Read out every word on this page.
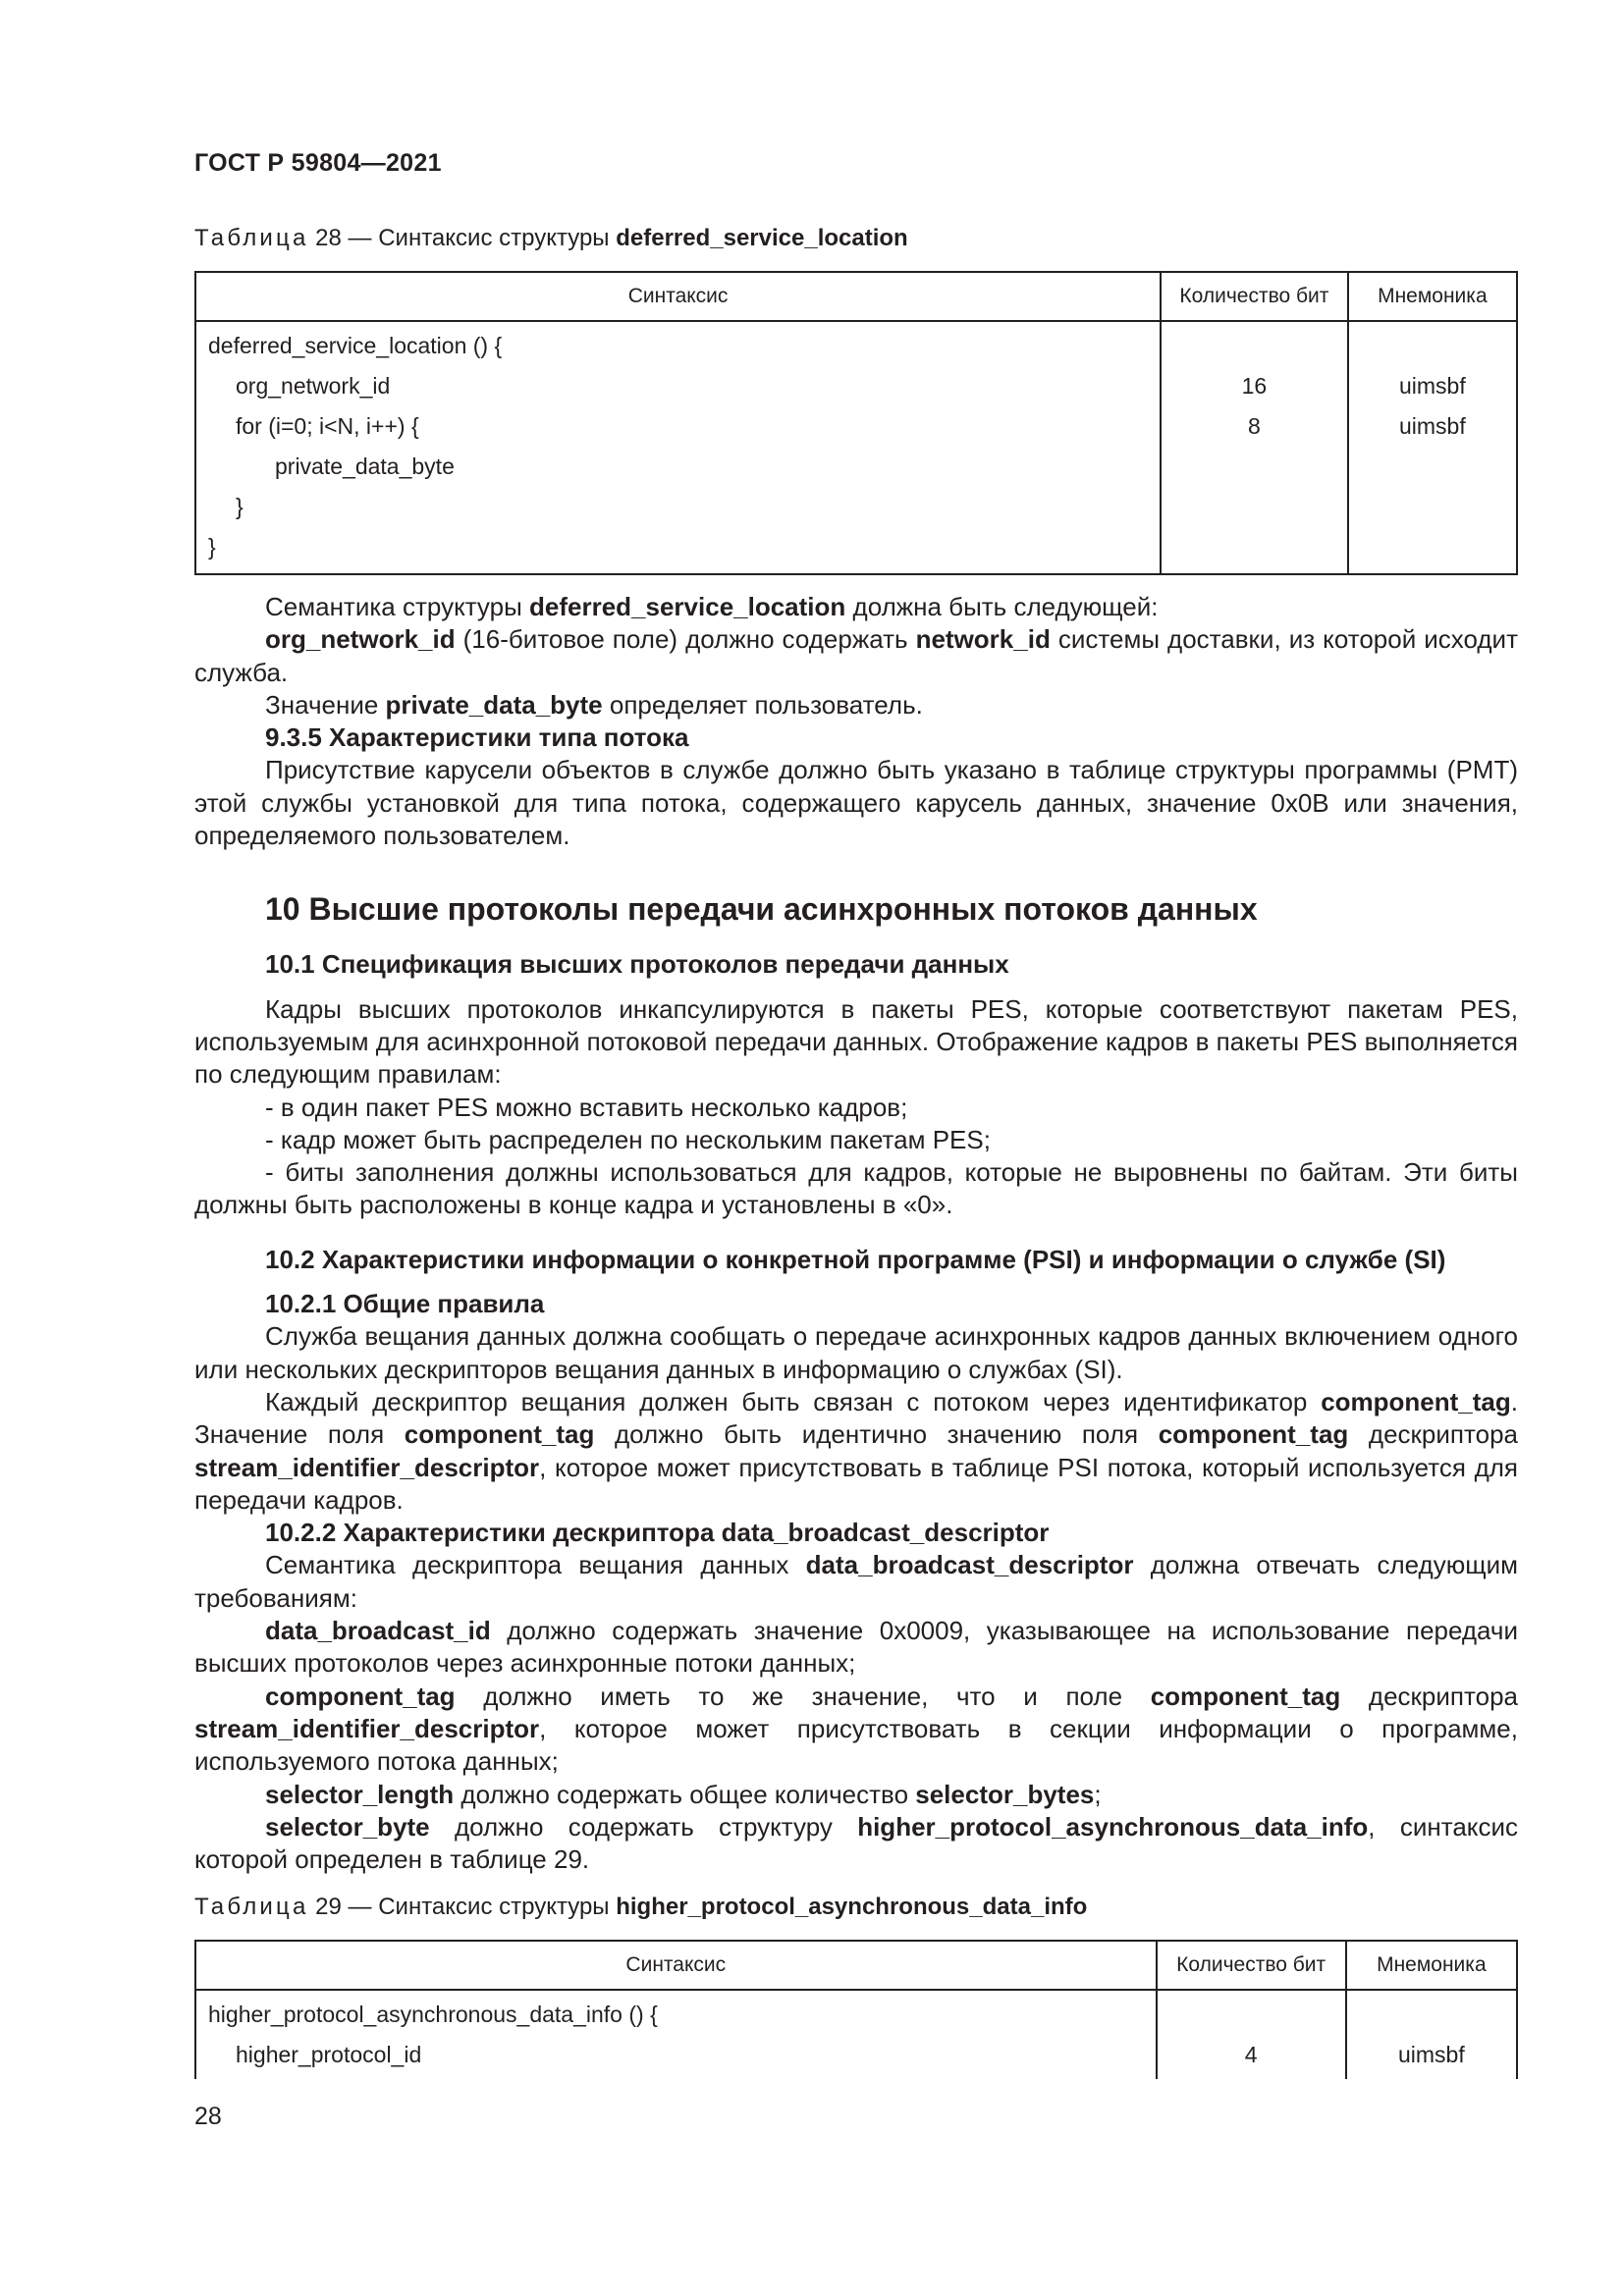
ГОСТ Р 59804—2021
Таблица 28 — Синтаксис структуры deferred_service_location
Синтаксис	Количество бит	Мнемоника
deferred_service_location () {		
org_network_id	16	uimsbf
for (i=0; i<N, i++) {	8	uimsbf
private_data_byte		
}		
}		

Семантика структуры deferred_service_location должна быть следующей:

org_network_id (16-битовое поле) должно содержать network_id системы доставки, из которой исходит служба.

Значение private_data_byte определяет пользователь.

9.3.5 Характеристики типа потока

Присутствие карусели объектов в службе должно быть указано в таблице структуры программы (PMT) этой службы установкой для типа потока, содержащего карусель данных, значение 0x0B или значения, определяемого пользователем.

10 Высшие протоколы передачи асинхронных потоков данных
10.1 Спецификация высших протоколов передачи данных

Кадры высших протоколов инкапсулируются в пакеты PES, которые соответствуют пакетам PES, используемым для асинхронной потоковой передачи данных. Отображение кадров в пакеты PES выполняется по следующим правилам:

- в один пакет PES можно вставить несколько кадров;

- кадр может быть распределен по нескольким пакетам PES;

- биты заполнения должны использоваться для кадров, которые не выровнены по байтам. Эти биты должны быть расположены в конце кадра и установлены в «0».

10.2 Характеристики информации о конкретной программе (PSI) и информации о службе (SI)
10.2.1 Общие правила

Служба вещания данных должна сообщать о передаче асинхронных кадров данных включением одного или нескольких дескрипторов вещания данных в информацию о службах (SI).

Каждый дескриптор вещания должен быть связан с потоком через идентификатор component_tag. Значение поля component_tag должно быть идентично значению поля component_tag дескриптора stream_identifier_descriptor, которое может присутствовать в таблице PSI потока, который используется для передачи кадров.

10.2.2 Характеристики дескриптора data_broadcast_descriptor

Семантика дескриптора вещания данных data_broadcast_descriptor должна отвечать следующим требованиям:

data_broadcast_id должно содержать значение 0x0009, указывающее на использование передачи высших протоколов через асинхронные потоки данных;

component_tag должно иметь то же значение, что и поле component_tag дескриптора stream_identifier_descriptor, которое может присутствовать в секции информации о программе, используемого потока данных;

selector_length должно содержать общее количество selector_bytes;

selector_byte должно содержать структуру higher_protocol_asynchronous_data_info, синтаксис которой определен в таблице 29.

Таблица 29 — Синтаксис структуры higher_protocol_asynchronous_data_info
Синтаксис	Количество бит	Мнемоника
higher_protocol_asynchronous_data_info () {		
higher_protocol_id	4	uimsbf
28
